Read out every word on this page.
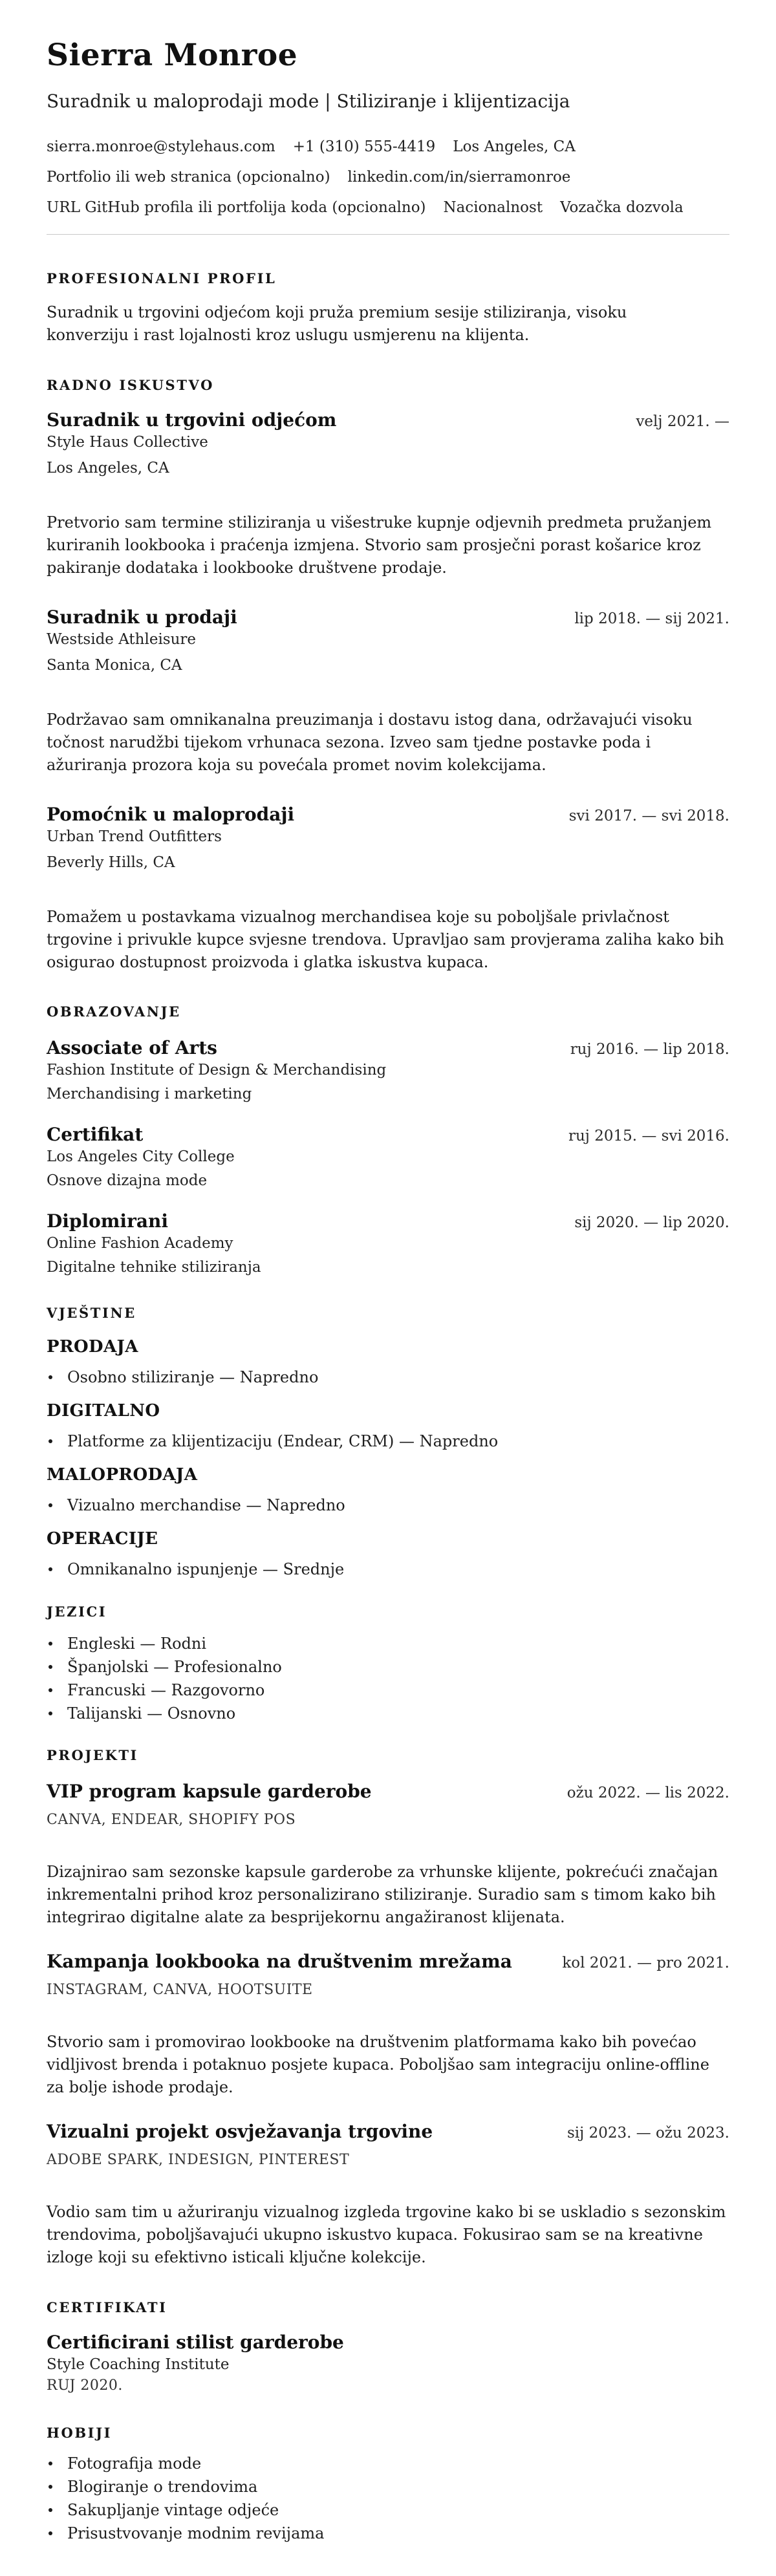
Sierra Monroe
Suradnik u maloprodaji mode | Stiliziranje i klijentizacija
sierra.monroe@stylehaus.com +1 (310) 555-4419 Los Angeles, CA
Portfolio ili web stranica (opcionalno) linkedin.com/in/sierramonroe
URL GitHub profila ili portfolija koda (opcionalno) Nacionalnost Vozačka dozvola
PROFESIONALNI PROFIL
Suradnik u trgovini odjećom koji pruža premium sesije stiliziranja, visoku konverziju i rast lojalnosti kroz uslugu usmjerenu na klijenta.
RADNO ISKUSTVO
Suradnik u trgovini odjećom	velj 2021. —
Style Haus Collective
Los Angeles, CA
Pretvorio sam termine stiliziranja u višestruke kupnje odjevnih predmeta pružanjem kuriranih lookbooka i praćenja izmjena. Stvorio sam prosječni porast košarice kroz pakiranje dodataka i lookbooke društvene prodaje.
Suradnik u prodaji	lip 2018. — sij 2021.
Westside Athleisure
Santa Monica, CA
Podržavao sam omnikanalna preuzimanja i dostavu istog dana, održavajući visoku točnost narudžbi tijekom vrhunaca sezona. Izveo sam tjedne postavke poda i ažuriranja prozora koja su povećala promet novim kolekcijama.
Pomoćnik u maloprodaji	svi 2017. — svi 2018.
Urban Trend Outfitters
Beverly Hills, CA
Pomažem u postavkama vizualnog merchandisea koje su poboljšale privlačnost trgovine i privukle kupce svjesne trendova. Upravljao sam provjerama zaliha kako bih osigurao dostupnost proizvoda i glatka iskustva kupaca.
OBRAZOVANJE
Associate of Arts	ruj 2016. — lip 2018.
Fashion Institute of Design & Merchandising
Merchandising i marketing
Certifikat	ruj 2015. — svi 2016.
Los Angeles City College
Osnove dizajna mode
Diplomirani	sij 2020. — lip 2020.
Online Fashion Academy
Digitalne tehnike stiliziranja
VJEŠTINE
PRODAJA
Osobno stiliziranje — Napredno
DIGITALNO
Platforme za klijentizaciju (Endear, CRM) — Napredno
MALOPRODAJA
Vizualno merchandise — Napredno
OPERACIJE
Omnikanalno ispunjenje — Srednje
JEZICI
Engleski — Rodni
Španjolski — Profesionalno
Francuski — Razgovorno
Talijanski — Osnovno
PROJEKTI
VIP program kapsule garderobe	ožu 2022. — lis 2022.
CANVA, ENDEAR, SHOPIFY POS
Dizajnirao sam sezonske kapsule garderobe za vrhunske klijente, pokrećući značajan inkrementalni prihod kroz personalizirano stiliziranje. Suradio sam s timom kako bih integrirao digitalne alate za besprijekornu angažiranost klijenata.
Kampanja lookbooka na društvenim mrežama	kol 2021. — pro 2021.
INSTAGRAM, CANVA, HOOTSUITE
Stvorio sam i promovirao lookbooke na društvenim platformama kako bih povećao vidljivost brenda i potaknuo posjete kupaca. Poboljšao sam integraciju online-offline za bolje ishode prodaje.
Vizualni projekt osvježavanja trgovine	sij 2023. — ožu 2023.
ADOBE SPARK, INDESIGN, PINTEREST
Vodio sam tim u ažuriranju vizualnog izgleda trgovine kako bi se uskladio s sezonskim trendovima, poboljšavajući ukupno iskustvo kupaca. Fokusirao sam se na kreativne izloge koji su efektivno isticali ključne kolekcije.
CERTIFIKATI
Certificirani stilist garderobe
Style Coaching Institute
RUJ 2020.
HOBIJI
Fotografija mode
Blogiranje o trendovima
Sakupljanje vintage odjeće
Prisustvovanje modnim revijama
